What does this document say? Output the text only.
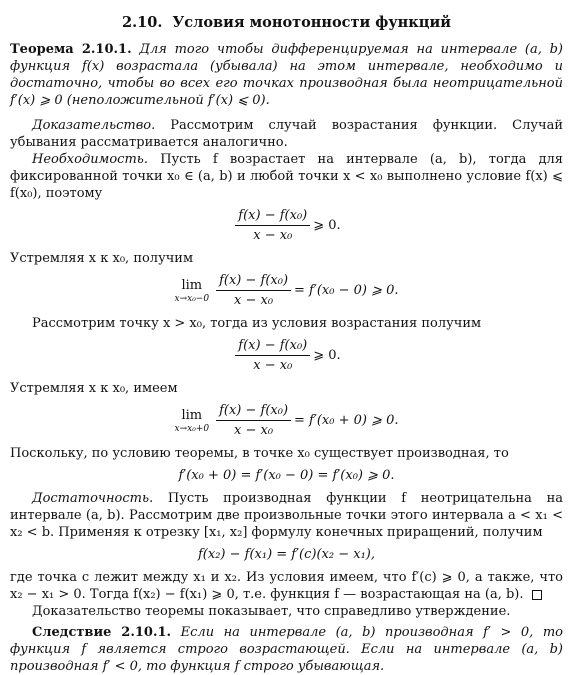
2.10. Условия монотонности функций

Теорема 2.10.1. Для того чтобы дифференцируемая на интервале (a, b) функция f(x) возрастала (убывала) на этом интервале, необходимо и достаточно, чтобы во всех его точках производная была неотрицательной f′(x) ⩾ 0 (неположительной f′(x) ⩽ 0).

Доказательство. Рассмотрим случай возрастания функции. Случай убывания рассматривается аналогично.

Необходимость. Пусть f возрастает на интервале (a, b), тогда для фиксированной точки x₀ ∈ (a, b) и любой точки x < x₀ выполнено условие f(x) ⩽ f(x₀), поэтому

$\frac{\text{f(x) − f(x₀)}}{\text{x − x₀}}$ ⩾ 0.

Устремляя x к x₀, получим

lim
$x\to x_0-0 \frac{\text{f(x) − f(x₀)}}{\text{x − x₀}} = f'(x_0 - 0)$ ⩾ 0.

Рассмотрим точку x > x₀, тогда из условия возрастания получим

$\frac{\text{f(x) − f(x₀)}}{\text{x − x₀}}$ ⩾ 0.

Устремляя x к x₀, имеем

lim
$x\to x_0+0 \frac{\text{f(x) − f(x₀)}}{\text{x − x₀}} = f'(x_0 + 0)$ ⩾ 0.

Поскольку, по условию теоремы, в точке x₀ существует производная, то

f′(x₀ + 0) = f′(x₀ − 0) = f′(x₀) ⩾ 0.

Достаточность. Пусть производная функции f неотрицательна на интервале (a, b). Рассмотрим две произвольные точки этого интервала a < x₁ < x₂ < b. Применяя к отрезку [x₁, x₂] формулу конечных приращений, получим

f(x₂) − f(x₁) = f′(c)(x₂ − x₁),

где точка c лежит между x₁ и x₂. Из условия имеем, что f′(c) ⩾ 0, а также, что x₂ − x₁ > 0. Тогда f(x₂) − f(x₁) ⩾ 0, т.е. функция f — возрастающая на (a, b).

Доказательство теоремы показывает, что справедливо утверждение.

Следствие 2.10.1. Если на интервале (a, b) производная f′ > 0, то функция f является строго возрастающей. Если на интервале (a, b) производная f′ < 0, то функция f строго убывающая.
